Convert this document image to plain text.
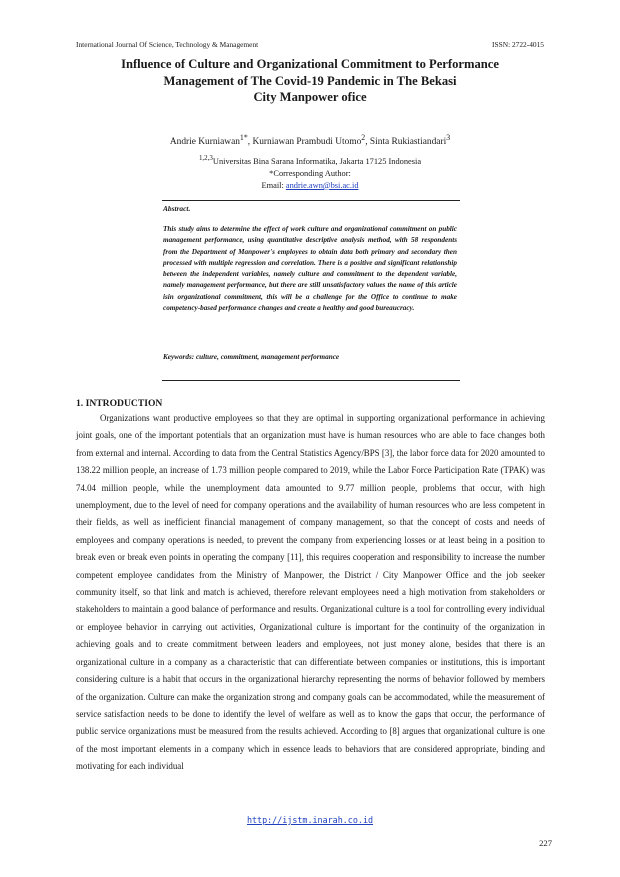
International Journal Of Science, Technology & Management	ISSN: 2722-4015
Influence of Culture and Organizational Commitment to Performance
Management of The Covid-19 Pandemic in The Bekasi
City Manpower ofice
Andrie Kurniawan$^{1*}$, Kurniawan Prambudi Utomo$^2$, Sinta Rukiastiandari$^3$
$^{1,2,3}$Universitas Bina Sarana Informatika, Jakarta 17125 Indonesia
*Corresponding Author:
Email: andrie.awn@bsi.ac.id
Abstract.
This study aims to determine the effect of work culture and organizational commitment on public management performance, using quantitative descriptive analysis method, with 58 respondents from the Department of Manpower's employees to obtain data both primary and secondary then processed with multiple regression and correlation. There is a positive and significant relationship between the independent variables, namely culture and commitment to the dependent variable, namely management performance, but there are still unsatisfactory values the name of this article isin organizational commitment, this will be a challenge for the Office to continue to make competency-based performance changes and create a healthy and good bureaucracy.
Keywords: culture, commitment, management performance
1. INTRODUCTION

Organizations want productive employees so that they are optimal in supporting organizational performance in achieving joint goals, one of the important potentials that an organization must have is human resources who are able to face changes both from external and internal. According to data from the Central Statistics Agency/BPS [3], the labor force data for 2020 amounted to 138.22 million people, an increase of 1.73 million people compared to 2019, while the Labor Force Participation Rate (TPAK) was 74.04 million people, while the unemployment data amounted to 9.77 million people, problems that occur, with high unemployment, due to the level of need for company operations and the availability of human resources who are less competent in their fields, as well as inefficient financial management of company management, so that the concept of costs and needs of employees and company operations is needed, to prevent the company from experiencing losses or at least being in a position to break even or break even points in operating the company [11], this requires cooperation and responsibility to increase the number competent employee candidates from the Ministry of Manpower, the District / City Manpower Office and the job seeker community itself, so that link and match is achieved, therefore relevant employees need a high motivation from stakeholders or stakeholders to maintain a good balance of performance and results. Organizational culture is a tool for controlling every individual or employee behavior in carrying out activities, Organizational culture is important for the continuity of the organization in achieving goals and to create commitment between leaders and employees, not just money alone, besides that there is an organizational culture in a company as a characteristic that can differentiate between companies or institutions, this is important considering culture is a habit that occurs in the organizational hierarchy representing the norms of behavior followed by members of the organization. Culture can make the organization strong and company goals can be accommodated, while the measurement of service satisfaction needs to be done to identify the level of welfare as well as to know the gaps that occur, the performance of public service organizations must be measured from the results achieved. According to [8] argues that organizational culture is one of the most important elements in a company which in essence leads to behaviors that are considered appropriate, binding and motivating for each individual

http://ijstm.inarah.co.id
227
